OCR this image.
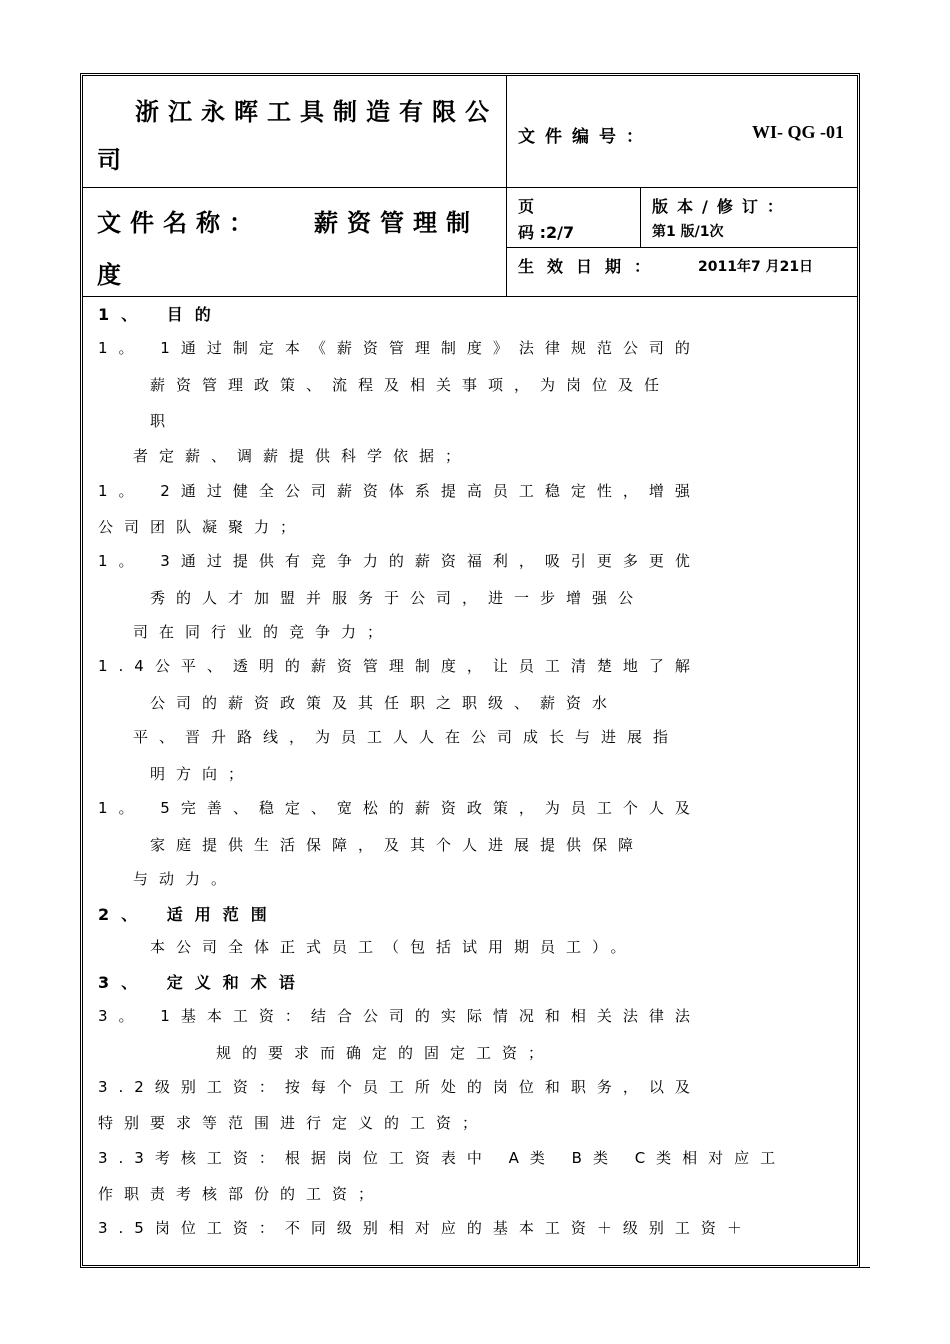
浙江永晖工具制造有限公
司
文件编号：	WI- QG -01
文件名称： 薪资管理制
度
页
码 :2/7
版本/修订：
第1 版/1次
生效日期： 2011年7 月21日
1、 目的
1。 1通过制定本《薪资管理制度》法律规范公司的
薪资管理政策、流程及相关事项，为岗位及任
职
者定薪、调薪提供科学依据；
1。 2通过健全公司薪资体系提高员工稳定性，增强
公司团队凝聚力；
1。 3通过提供有竞争力的薪资福利，吸引更多更优
秀的人才加盟并服务于公司，进一步增强公
司在同行业的竞争力；
1.4公平、透明的薪资管理制度，让员工清楚地了解
公司的薪资政策及其任职之职级、薪资水
平、晋升路线，为员工人人在公司成长与进展指
明方向；
1。 5完善、稳定、宽松的薪资政策，为员工个人及
家庭提供生活保障，及其个人进展提供保障
与动力。
2、 适用范围
本公司全体正式员工（包括试用期员工）。
3、 定义和术语
3。 1基本工资：结合公司的实际情况和相关法律法
规的要求而确定的固定工资；
3.2级别工资：按每个员工所处的岗位和职务，以及
特别要求等范围进行定义的工资；
3.3考核工资：根据岗位工资表中 A类 B类 C类相对应工
作职责考核部份的工资；
3.5岗位工资：不同级别相对应的基本工资＋级别工资＋
